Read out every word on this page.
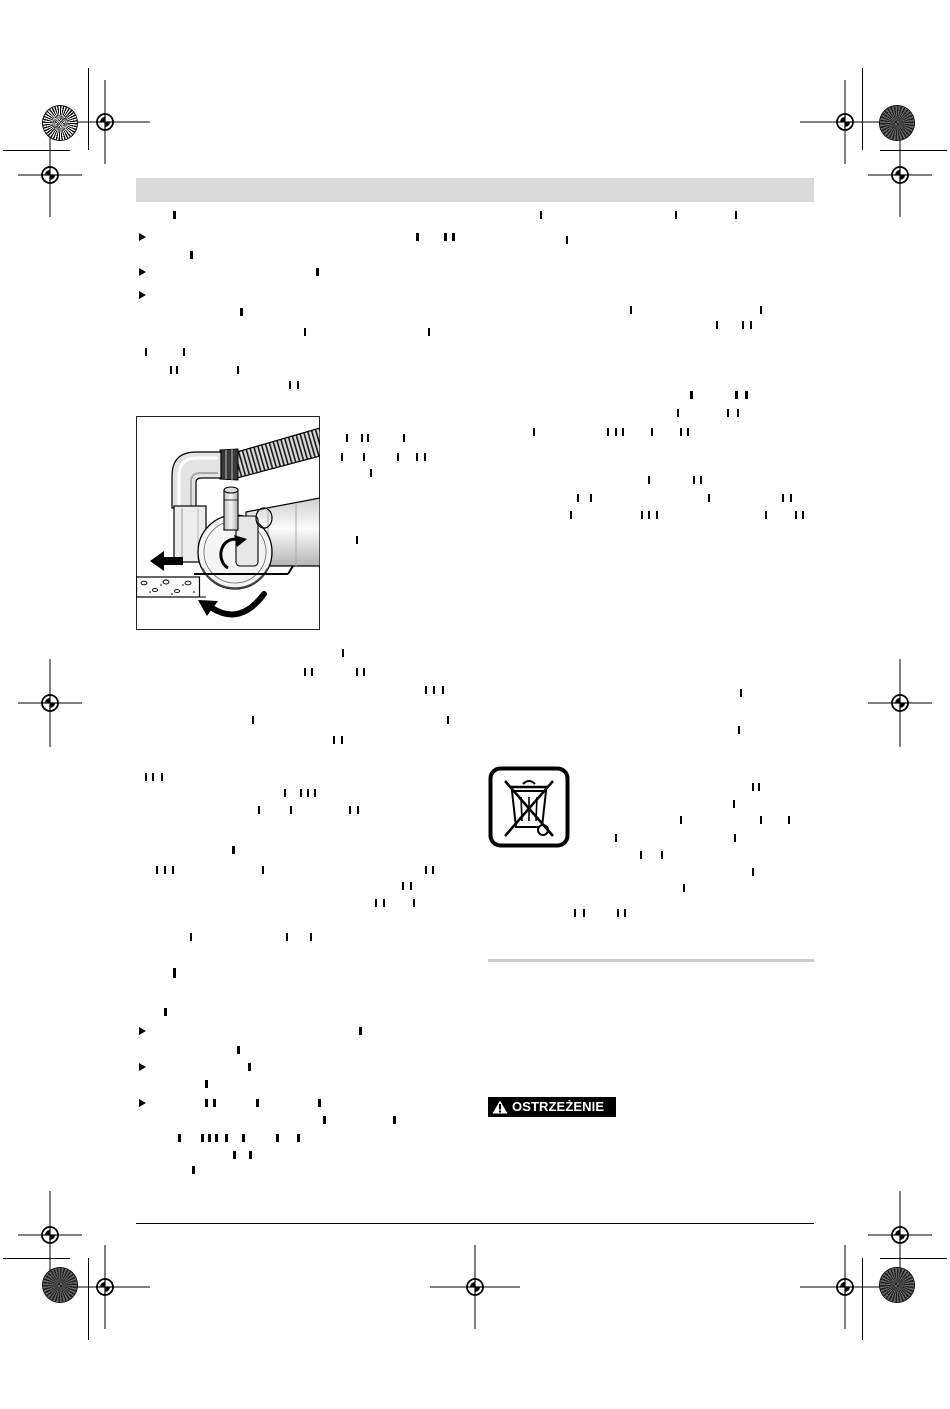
OSTRZEŻENIE
